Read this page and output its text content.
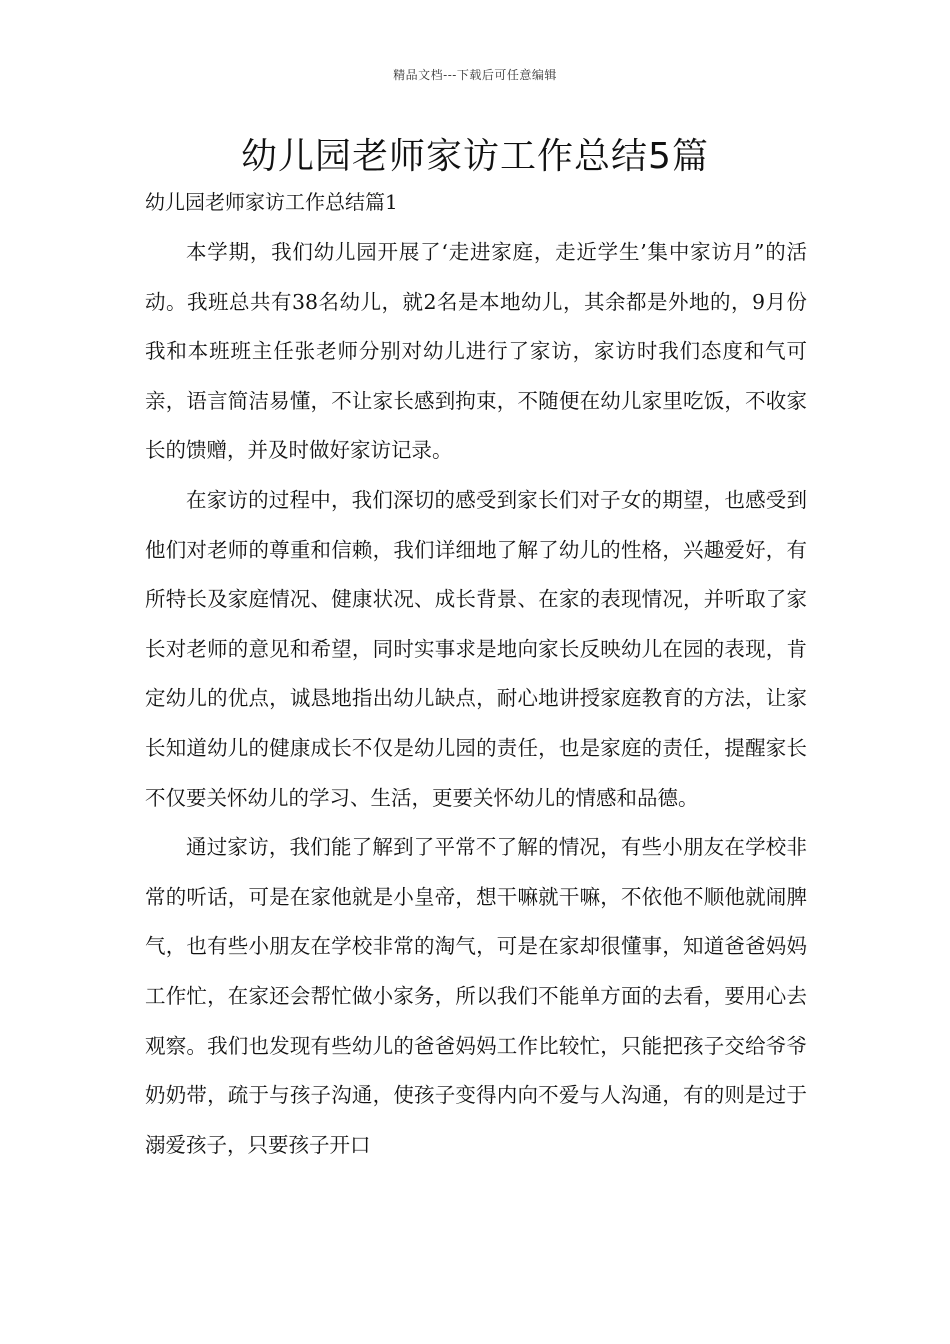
精品文档---下载后可任意编辑
幼儿园老师家访工作总结5篇
幼儿园老师家访工作总结篇1

本学期，我们幼儿园开展了‘走进家庭，走近学生’集中家访月”的活动。我班总共有38名幼儿，就2名是本地幼儿，其余都是外地的，9月份我和本班班主任张老师分别对幼儿进行了家访，家访时我们态度和气可亲，语言简洁易懂，不让家长感到拘束，不随便在幼儿家里吃饭，不收家长的馈赠，并及时做好家访记录。

在家访的过程中，我们深切的感受到家长们对子女的期望，也感受到他们对老师的尊重和信赖，我们详细地了解了幼儿的性格，兴趣爱好，有所特长及家庭情况、健康状况、成长背景、在家的表现情况，并听取了家长对老师的意见和希望，同时实事求是地向家长反映幼儿在园的表现，肯定幼儿的优点，诚恳地指出幼儿缺点，耐心地讲授家庭教育的方法，让家长知道幼儿的健康成长不仅是幼儿园的责任，也是家庭的责任，提醒家长不仅要关怀幼儿的学习、生活，更要关怀幼儿的情感和品德。

通过家访，我们能了解到了平常不了解的情况，有些小朋友在学校非常的听话，可是在家他就是小皇帝，想干嘛就干嘛，不依他不顺他就闹脾气，也有些小朋友在学校非常的淘气，可是在家却很懂事，知道爸爸妈妈工作忙，在家还会帮忙做小家务，所以我们不能单方面的去看，要用心去观察。我们也发现有些幼儿的爸爸妈妈工作比较忙，只能把孩子交给爷爷奶奶带，疏于与孩子沟通，使孩子变得内向不爱与人沟通，有的则是过于溺爱孩子，只要孩子开口
